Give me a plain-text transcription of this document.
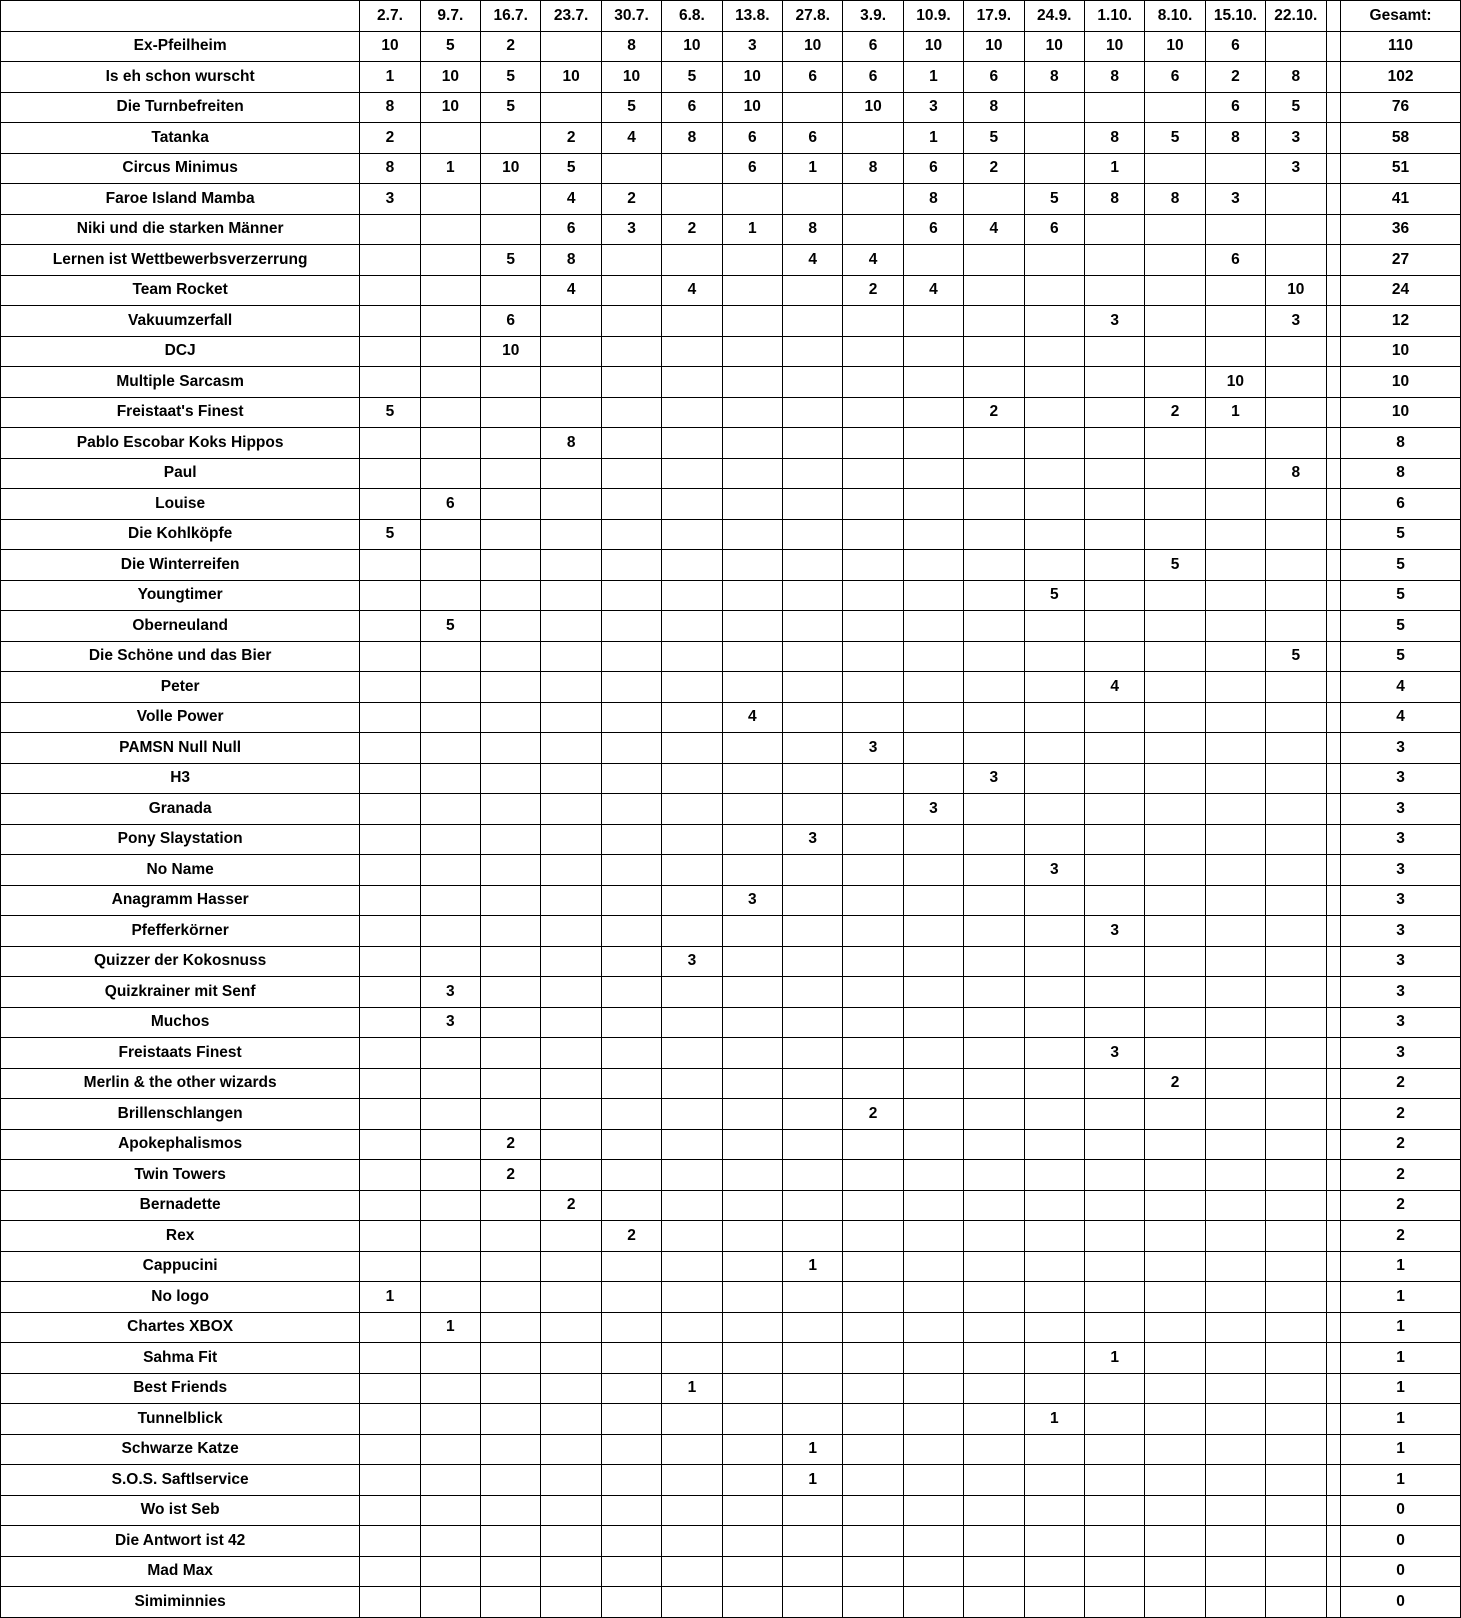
	2.7.	9.7.	16.7.	23.7.	30.7.	6.8.	13.8.	27.8.	3.9.	10.9.	17.9.	24.9.	1.10.	8.10.	15.10.	22.10.		Gesamt:
Ex-Pfeilheim	10	5	2		8	10	3	10	6	10	10	10	10	10	6			110
Is eh schon wurscht	1	10	5	10	10	5	10	6	6	1	6	8	8	6	2	8		102
Die Turnbefreiten	8	10	5		5	6	10		10	3	8				6	5		76
Tatanka	2			2	4	8	6	6		1	5		8	5	8	3		58
Circus Minimus	8	1	10	5			6	1	8	6	2		1			3		51
Faroe Island Mamba	3			4	2					8		5	8	8	3			41
Niki und die starken Männer				6	3	2	1	8		6	4	6						36
Lernen ist Wettbewerbsverzerrung			5	8				4	4						6			27
Team Rocket				4		4			2	4						10		24
Vakuumzerfall			6										3			3		12
DCJ			10															10
Multiple Sarcasm															10			10
Freistaat's Finest	5										2			2	1			10
Pablo Escobar Koks Hippos				8														8
Paul																8		8
Louise		6																6
Die Kohlköpfe	5																	5
Die Winterreifen														5				5
Youngtimer												5						5
Oberneuland		5																5
Die Schöne und das Bier																5		5
Peter													4					4
Volle Power							4											4
PAMSN Null Null									3									3
H3											3							3
Granada										3								3
Pony Slaystation								3										3
No Name												3						3
Anagramm Hasser							3											3
Pfefferkörner													3					3
Quizzer der Kokosnuss						3												3
Quizkrainer mit Senf		3																3
Muchos		3																3
Freistaats Finest													3					3
Merlin & the other wizards														2				2
Brillenschlangen									2									2
Apokephalismos			2															2
Twin Towers			2															2
Bernadette				2														2
Rex					2													2
Cappucini								1										1
No logo	1																	1
Chartes XBOX		1																1
Sahma Fit													1					1
Best Friends						1												1
Tunnelblick												1						1
Schwarze Katze								1										1
S.O.S. Saftlservice								1										1
Wo ist Seb																		0
Die Antwort ist 42																		0
Mad Max																		0
Simiminnies																		0
